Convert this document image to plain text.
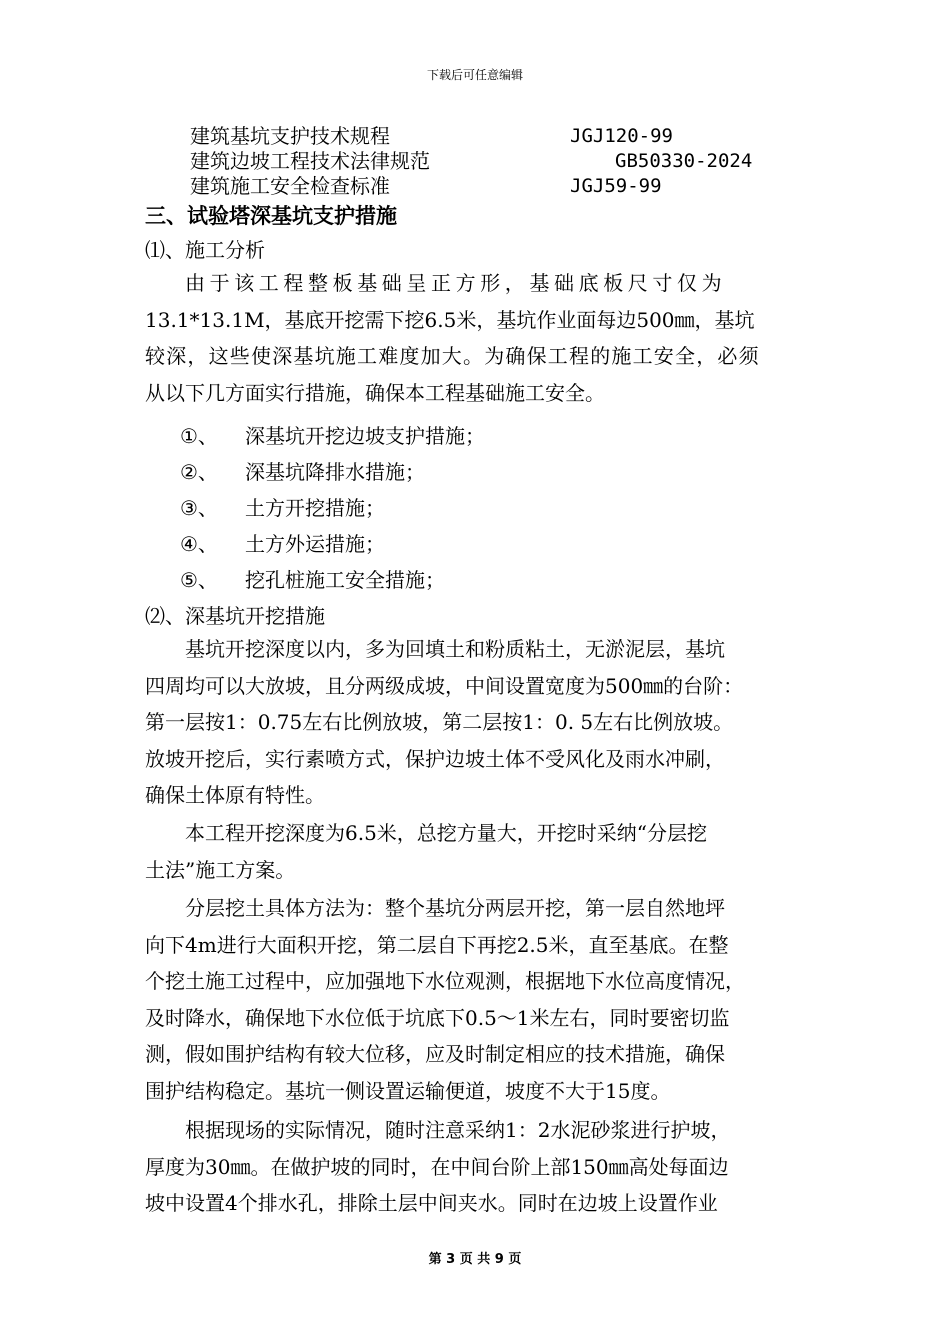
下载后可任意编辑
建筑基坑支护技术规程	JGJ120-99
建筑边坡工程技术法律规范	GB50330-2024
建筑施工安全检查标准	JGJ59-99
三、试验塔深基坑支护措施
⑴、施工分析
由于该工程整板基础呈正方形，基础底板尺寸仅为
13.1*13.1M，基底开挖需下挖6.5米，基坑作业面每边500㎜，基坑
较深，这些使深基坑施工难度加大。为确保工程的施工安全，必须
从以下几方面实行措施，确保本工程基础施工安全。
①、 深基坑开挖边坡支护措施；
②、 深基坑降排水措施；
③、 土方开挖措施；
④、 土方外运措施；
⑤、 挖孔桩施工安全措施；
⑵、深基坑开挖措施
基坑开挖深度以内，多为回填土和粉质粘土，无淤泥层，基坑
四周均可以大放坡，且分两级成坡，中间设置宽度为500㎜的台阶：
第一层按1：0.75左右比例放坡，第二层按1：0. 5左右比例放坡。
放坡开挖后，实行素喷方式，保护边坡土体不受风化及雨水冲刷，
确保土体原有特性。
本工程开挖深度为6.5米，总挖方量大，开挖时采纳“分层挖
土法”施工方案。
分层挖土具体方法为：整个基坑分两层开挖，第一层自然地坪
向下4m进行大面积开挖，第二层自下再挖2.5米，直至基底。在整
个挖土施工过程中，应加强地下水位观测，根据地下水位高度情况，
及时降水，确保地下水位低于坑底下0.5～1米左右，同时要密切监
测，假如围护结构有较大位移，应及时制定相应的技术措施，确保
围护结构稳定。基坑一侧设置运输便道，坡度不大于15度。
根据现场的实际情况，随时注意采纳1：2水泥砂浆进行护坡，
厚度为30㎜。在做护坡的同时，在中间台阶上部150㎜高处每面边
坡中设置4个排水孔，排除土层中间夹水。同时在边坡上设置作业
第 3 页 共 9 页
